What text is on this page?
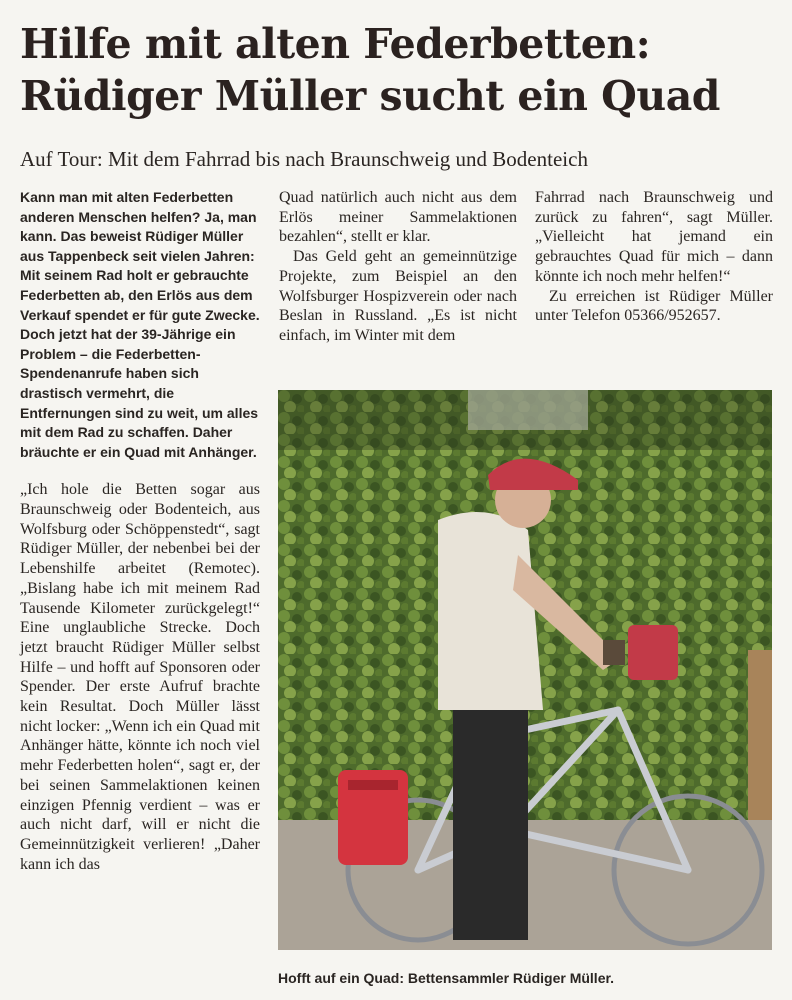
Hilfe mit alten Federbetten:
Rüdiger Müller sucht ein Quad
Auf Tour: Mit dem Fahrrad bis nach Braunschweig und Bodenteich

Kann man mit alten Federbetten anderen Menschen helfen? Ja, man kann. Das beweist Rüdiger Müller aus Tappenbeck seit vielen Jahren: Mit seinem Rad holt er gebrauchte Federbetten ab, den Erlös aus dem Verkauf spendet er für gute Zwecke. Doch jetzt hat der 39-Jährige ein Problem – die Federbetten-Spendenanrufe haben sich drastisch vermehrt, die Entfernungen sind zu weit, um alles mit dem Rad zu schaffen. Daher bräuchte er ein Quad mit Anhänger.

„Ich hole die Betten sogar aus Braunschweig oder Bodenteich, aus Wolfsburg oder Schöppenstedt“, sagt Rüdiger Müller, der nebenbei bei der Lebenshilfe arbeitet (Remotec). „Bislang habe ich mit meinem Rad Tausende Kilometer zurückgelegt!“ Eine unglaubliche Strecke. Doch jetzt braucht Rüdiger Müller selbst Hilfe – und hofft auf Sponsoren oder Spender. Der erste Aufruf brachte kein Resultat. Doch Müller lässt nicht locker: „Wenn ich ein Quad mit Anhänger hätte, könnte ich noch viel mehr Federbetten holen“, sagt er, der bei seinen Sammelaktionen keinen einzigen Pfennig verdient – was er auch nicht darf, will er nicht die Gemeinnützigkeit verlieren! „Daher kann ich das

Quad natürlich auch nicht aus dem Erlös meiner Sammelaktionen bezahlen“, stellt er klar.

Das Geld geht an gemeinnützige Projekte, zum Beispiel an den Wolfsburger Hospizverein oder nach Beslan in Russland. „Es ist nicht einfach, im Winter mit dem

Fahrrad nach Braunschweig und zurück zu fahren“, sagt Müller. „Vielleicht hat jemand ein gebrauchtes Quad für mich – dann könnte ich noch mehr helfen!“

Zu erreichen ist Rüdiger Müller unter Telefon 05366/952657.

Hofft auf ein Quad: Bettensammler Rüdiger Müller.
